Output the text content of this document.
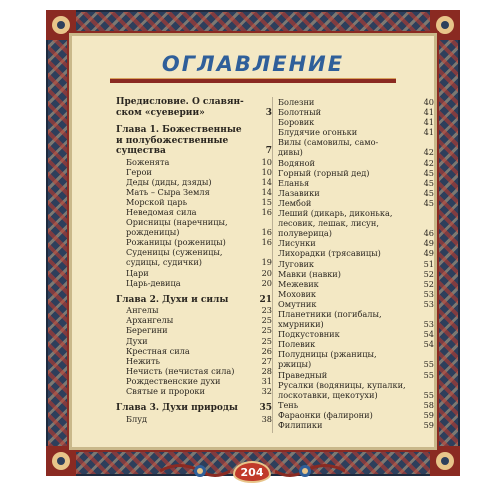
ОГЛАВЛЕНИЕ
Предисловие. О славян-
ском «суеверии»	3
Глава 1. Божественные
и полубожественные
существа	7
Боженята	10
Герои	10
Деды (диды, дзяды)	14
Мать – Сыра Земля	14
Морской царь	15
Неведомая сила	16
Орисницы (наречницы,
рожденицы)	16
Рожаницы (роженицы)	16
Суденицы (суженицы,
судицы, судички)	19
Цари	20
Царь-девица	20
Глава 2. Духи и силы	21
Ангелы	23
Архангелы	25
Берегини	25
Духи	25
Крестная сила	26
Нежить	27
Нечисть (нечистая сила)	28
Рождественские духи	31
Святые и пророки	32
Глава 3. Духи природы 35
Блуд	38
Болезни	40
Болотный	41
Боровик	41
Блудячие огоньки	41
Вилы (самовилы, само-
дивы)	42
Водяной	42
Горный (горный дед)	45
Еланья	45
Лазавики	45
Лембой	45
Леший (дикарь, диконька,
лесовик, лешак, лисун,
полуверица)	46
Лисунки	49
Лихорадки (трясавицы)	49
Луговик	51
Мавки (навки)	52
Межевик	52
Моховик	53
Омутник	53
Планетники (погибалы,
хмурники)	53
Подкустовник	54
Полевик	54
Полудницы (ржаницы,
ржицы)	55
Праведный	55
Русалки (водяницы, купалки,
лоскотавки, щекотухи)	55
Тень	58
Фараонки (фалирони)	59
Филипики	59
204
